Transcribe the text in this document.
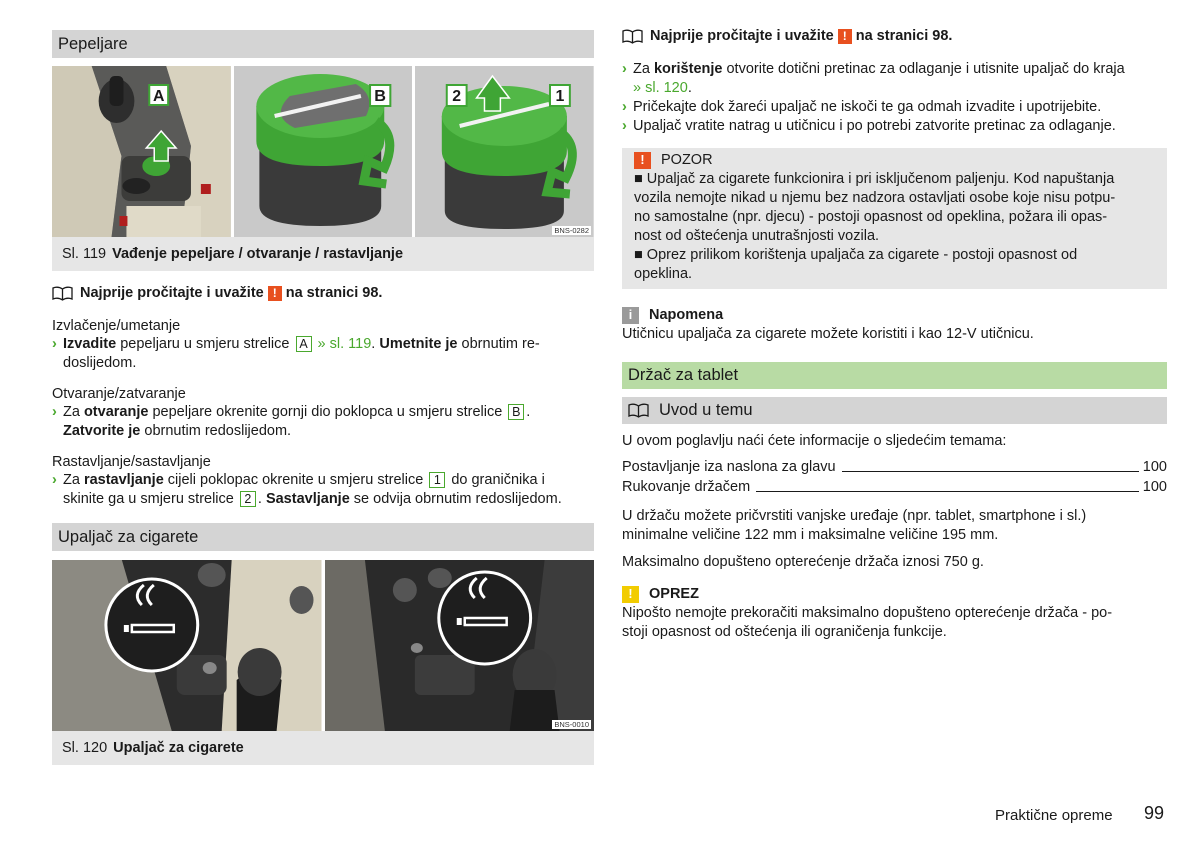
Pepeljare
A	B	2	1
BNS-0282
Sl. 119 Vađenje pepeljare / otvaranje / rastavljanje
Najprije pročitajte i uvažite ! na stranici 98.
Izvlačenje/umetanje
› Izvadite pepeljaru u smjeru strelice A » sl. 119. Umetnite je obrnutim re-
doslijedom.
Otvaranje/zatvaranje
› Za otvaranje pepeljare okrenite gornji dio poklopca u smjeru strelice B .
Zatvorite je obrnutim redoslijedom.
Rastavljanje/sastavljanje
› Za rastavljanje cijeli poklopac okrenite u smjeru strelice 1 do graničnika i
skinite ga u smjeru strelice 2 . Sastavljanje se odvija obrnutim redoslijedom.
Upaljač za cigarete
BNS-0010
Sl. 120 Upaljač za cigarete
Najprije pročitajte i uvažite ! na stranici 98.
› Za korištenje otvorite dotični pretinac za odlaganje i utisnite upaljač do kraja
» sl. 120.
› Pričekajte dok žareći upaljač ne iskoči te ga odmah izvadite i upotrijebite.
› Upaljač vratite natrag u utičnicu i po potrebi zatvorite pretinac za odlaganje.
!	POZOR
■ Upaljač za cigarete funkcionira i pri isključenom paljenju. Kod napuštanja
vozila nemojte nikad u njemu bez nadzora ostavljati osobe koje nisu potpu-
no samostalne (npr. djecu) - postoji opasnost od opeklina, požara ili opas-
nost od oštećenja unutrašnjosti vozila.
■ Oprez prilikom korištenja upaljača za cigarete - postoji opasnost od
opeklina.
i	Napomena
Utičnicu upaljača za cigarete možete koristiti i kao 12-V utičnicu.
Držač za tablet
Uvod u temu
U ovom poglavlju naći ćete informacije o sljedećim temama:
Postavljanje iza naslona za glavu	100
Rukovanje držačem	100
U držaču možete pričvrstiti vanjske uređaje (npr. tablet, smartphone i sl.)
minimalne veličine 122 mm i maksimalne veličine 195 mm.
Maksimalno dopušteno opterećenje držača iznosi 750 g.
!	OPREZ
Nipošto nemojte prekoračiti maksimalno dopušteno opterećenje držača - po-
stoji opasnost od oštećenja ili ograničenja funkcije.
Praktične opreme 99
